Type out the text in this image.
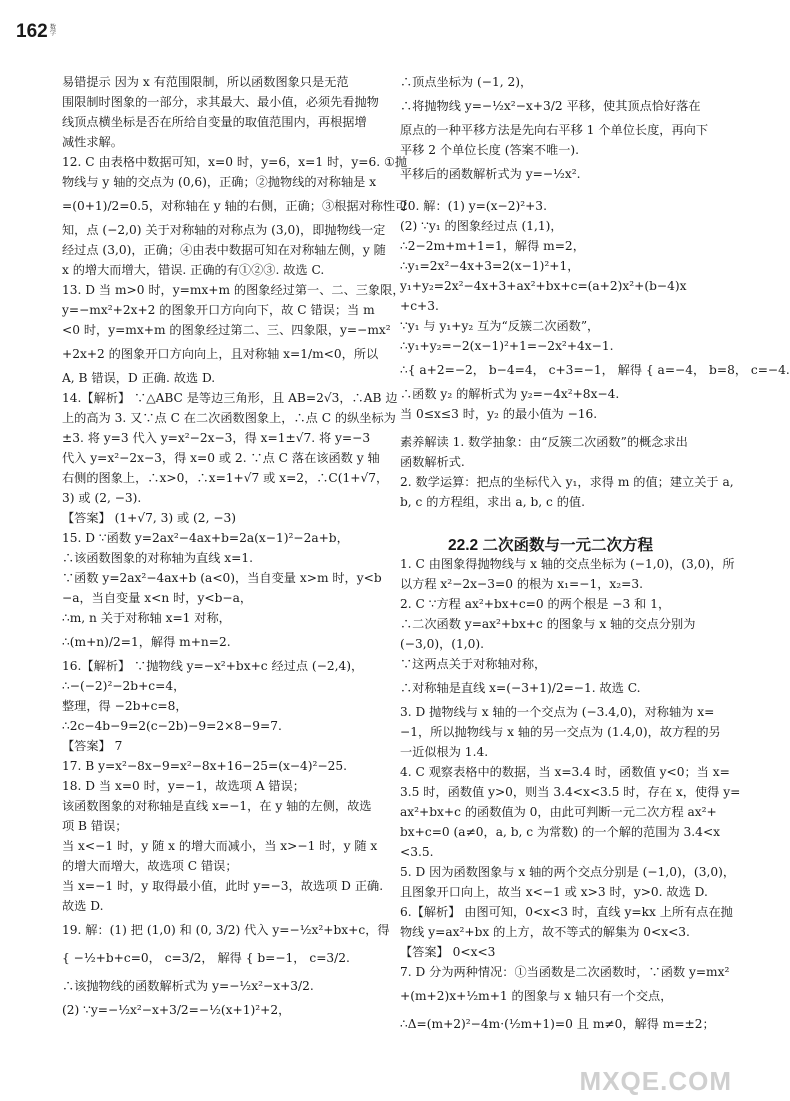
162 数学
易错提示 因为 x 有范围限制，所以函数图象只是无范
围限制时图象的一部分，求其最大、最小值，必须先看抛物
线顶点横坐标是否在所给自变量的取值范围内，再根据增
减性求解。
12. C 由表格中数据可知，x=0 时，y=6，x=1 时，y=6. ①抛
物线与 y 轴的交点为 (0,6)，正确；②抛物线的对称轴是 x
=(0+1)/2=0.5，对称轴在 y 轴的右侧，正确；③根据对称性可
知，点 (−2,0) 关于对称轴的对称点为 (3,0)，即抛物线一定
经过点 (3,0)，正确；④由表中数据可知在对称轴左侧，y 随
x 的增大而增大，错误. 正确的有①②③. 故选 C.
13. D 当 m>0 时，y=mx+m 的图象经过第一、二、三象限，
y=−mx²+2x+2 的图象开口方向向下，故 C 错误；当 m
<0 时，y=mx+m 的图象经过第二、三、四象限，y=−mx²
+2x+2 的图象开口方向向上，且对称轴 x=1/m<0，所以
A, B 错误，D 正确. 故选 D.
14.【解析】 ∵△ABC 是等边三角形，且 AB=2√3，∴AB 边
上的高为 3. 又∵点 C 在二次函数图象上，∴点 C 的纵坐标为
±3. 将 y=3 代入 y=x²−2x−3，得 x=1±√7. 将 y=−3
代入 y=x²−2x−3，得 x=0 或 2. ∵点 C 落在该函数 y 轴
右侧的图象上，∴x>0，∴x=1+√7 或 x=2，∴C(1+√7，
3) 或 (2, −3).
【答案】 (1+√7, 3) 或 (2, −3)
15. D ∵函数 y=2ax²−4ax+b=2a(x−1)²−2a+b，
∴该函数图象的对称轴为直线 x=1.
∵函数 y=2ax²−4ax+b (a<0)，当自变量 x>m 时，y<b
−a，当自变量 x<n 时，y<b−a，
∴m, n 关于对称轴 x=1 对称，
∴(m+n)/2=1，解得 m+n=2.
16.【解析】 ∵抛物线 y=−x²+bx+c 经过点 (−2,4)，
∴−(−2)²−2b+c=4，
整理，得 −2b+c=8，
∴2c−4b−9=2(c−2b)−9=2×8−9=7.
【答案】 7
17. B y=x²−8x−9=x²−8x+16−25=(x−4)²−25.
18. D 当 x=0 时，y=−1，故选项 A 错误；
该函数图象的对称轴是直线 x=−1，在 y 轴的左侧，故选
项 B 错误；
当 x<−1 时，y 随 x 的增大而减小，当 x>−1 时，y 随 x
的增大而增大，故选项 C 错误；
当 x=−1 时，y 取得最小值，此时 y=−3，故选项 D 正确.
故选 D.
19. 解：(1) 把 (1,0) 和 (0, 3/2) 代入 y=−½x²+bx+c，得
{ −½+b+c=0， c=3/2， 解得 { b=−1， c=3/2.
∴该抛物线的函数解析式为 y=−½x²−x+3/2.
(2) ∵y=−½x²−x+3/2=−½(x+1)²+2，
22.2 二次函数与一元二次方程
∴顶点坐标为 (−1, 2)，
∴将抛物线 y=−½x²−x+3/2 平移，使其顶点恰好落在
原点的一种平移方法是先向右平移 1 个单位长度，再向下
平移 2 个单位长度 (答案不唯一).
平移后的函数解析式为 y=−½x².
20. 解：(1) y=(x−2)²+3.
(2) ∵y₁ 的图象经过点 (1,1)，
∴2−2m+m+1=1，解得 m=2，
∴y₁=2x²−4x+3=2(x−1)²+1，
y₁+y₂=2x²−4x+3+ax²+bx+c=(a+2)x²+(b−4)x
+c+3.
∵y₁ 与 y₁+y₂ 互为“反簇二次函数”，
∴y₁+y₂=−2(x−1)²+1=−2x²+4x−1.
∴{ a+2=−2， b−4=4， c+3=−1， 解得 { a=−4， b=8， c=−4.
∴函数 y₂ 的解析式为 y₂=−4x²+8x−4.
当 0≤x≤3 时，y₂ 的最小值为 −16.
素养解读 1. 数学抽象：由“反簇二次函数”的概念求出
函数解析式.
2. 数学运算：把点的坐标代入 y₁，求得 m 的值；建立关于 a,
b, c 的方程组，求出 a, b, c 的值.
1. C 由图象得抛物线与 x 轴的交点坐标为 (−1,0)，(3,0)，所
以方程 x²−2x−3=0 的根为 x₁=−1，x₂=3.
2. C ∵方程 ax²+bx+c=0 的两个根是 −3 和 1，
∴二次函数 y=ax²+bx+c 的图象与 x 轴的交点分别为
(−3,0)，(1,0).
∵这两点关于对称轴对称，
∴对称轴是直线 x=(−3+1)/2=−1. 故选 C.
3. D 抛物线与 x 轴的一个交点为 (−3.4,0)，对称轴为 x=
−1，所以抛物线与 x 轴的另一交点为 (1.4,0)，故方程的另
一近似根为 1.4.
4. C 观察表格中的数据，当 x=3.4 时，函数值 y<0；当 x=
3.5 时，函数值 y>0，则当 3.4<x<3.5 时，存在 x，使得 y=
ax²+bx+c 的函数值为 0，由此可判断一元二次方程 ax²+
bx+c=0 (a≠0，a, b, c 为常数) 的一个解的范围为 3.4<x
<3.5.
5. D 因为函数图象与 x 轴的两个交点分别是 (−1,0)，(3,0)，
且图象开口向上，故当 x<−1 或 x>3 时，y>0. 故选 D.
6.【解析】 由图可知，0<x<3 时，直线 y=kx 上所有点在抛
物线 y=ax²+bx 的上方，故不等式的解集为 0<x<3.
【答案】 0<x<3
7. D 分为两种情况：①当函数是二次函数时，∵函数 y=mx²
+(m+2)x+½m+1 的图象与 x 轴只有一个交点，
∴Δ=(m+2)²−4m·(½m+1)=0 且 m≠0，解得 m=±2；
MXQE.COM
